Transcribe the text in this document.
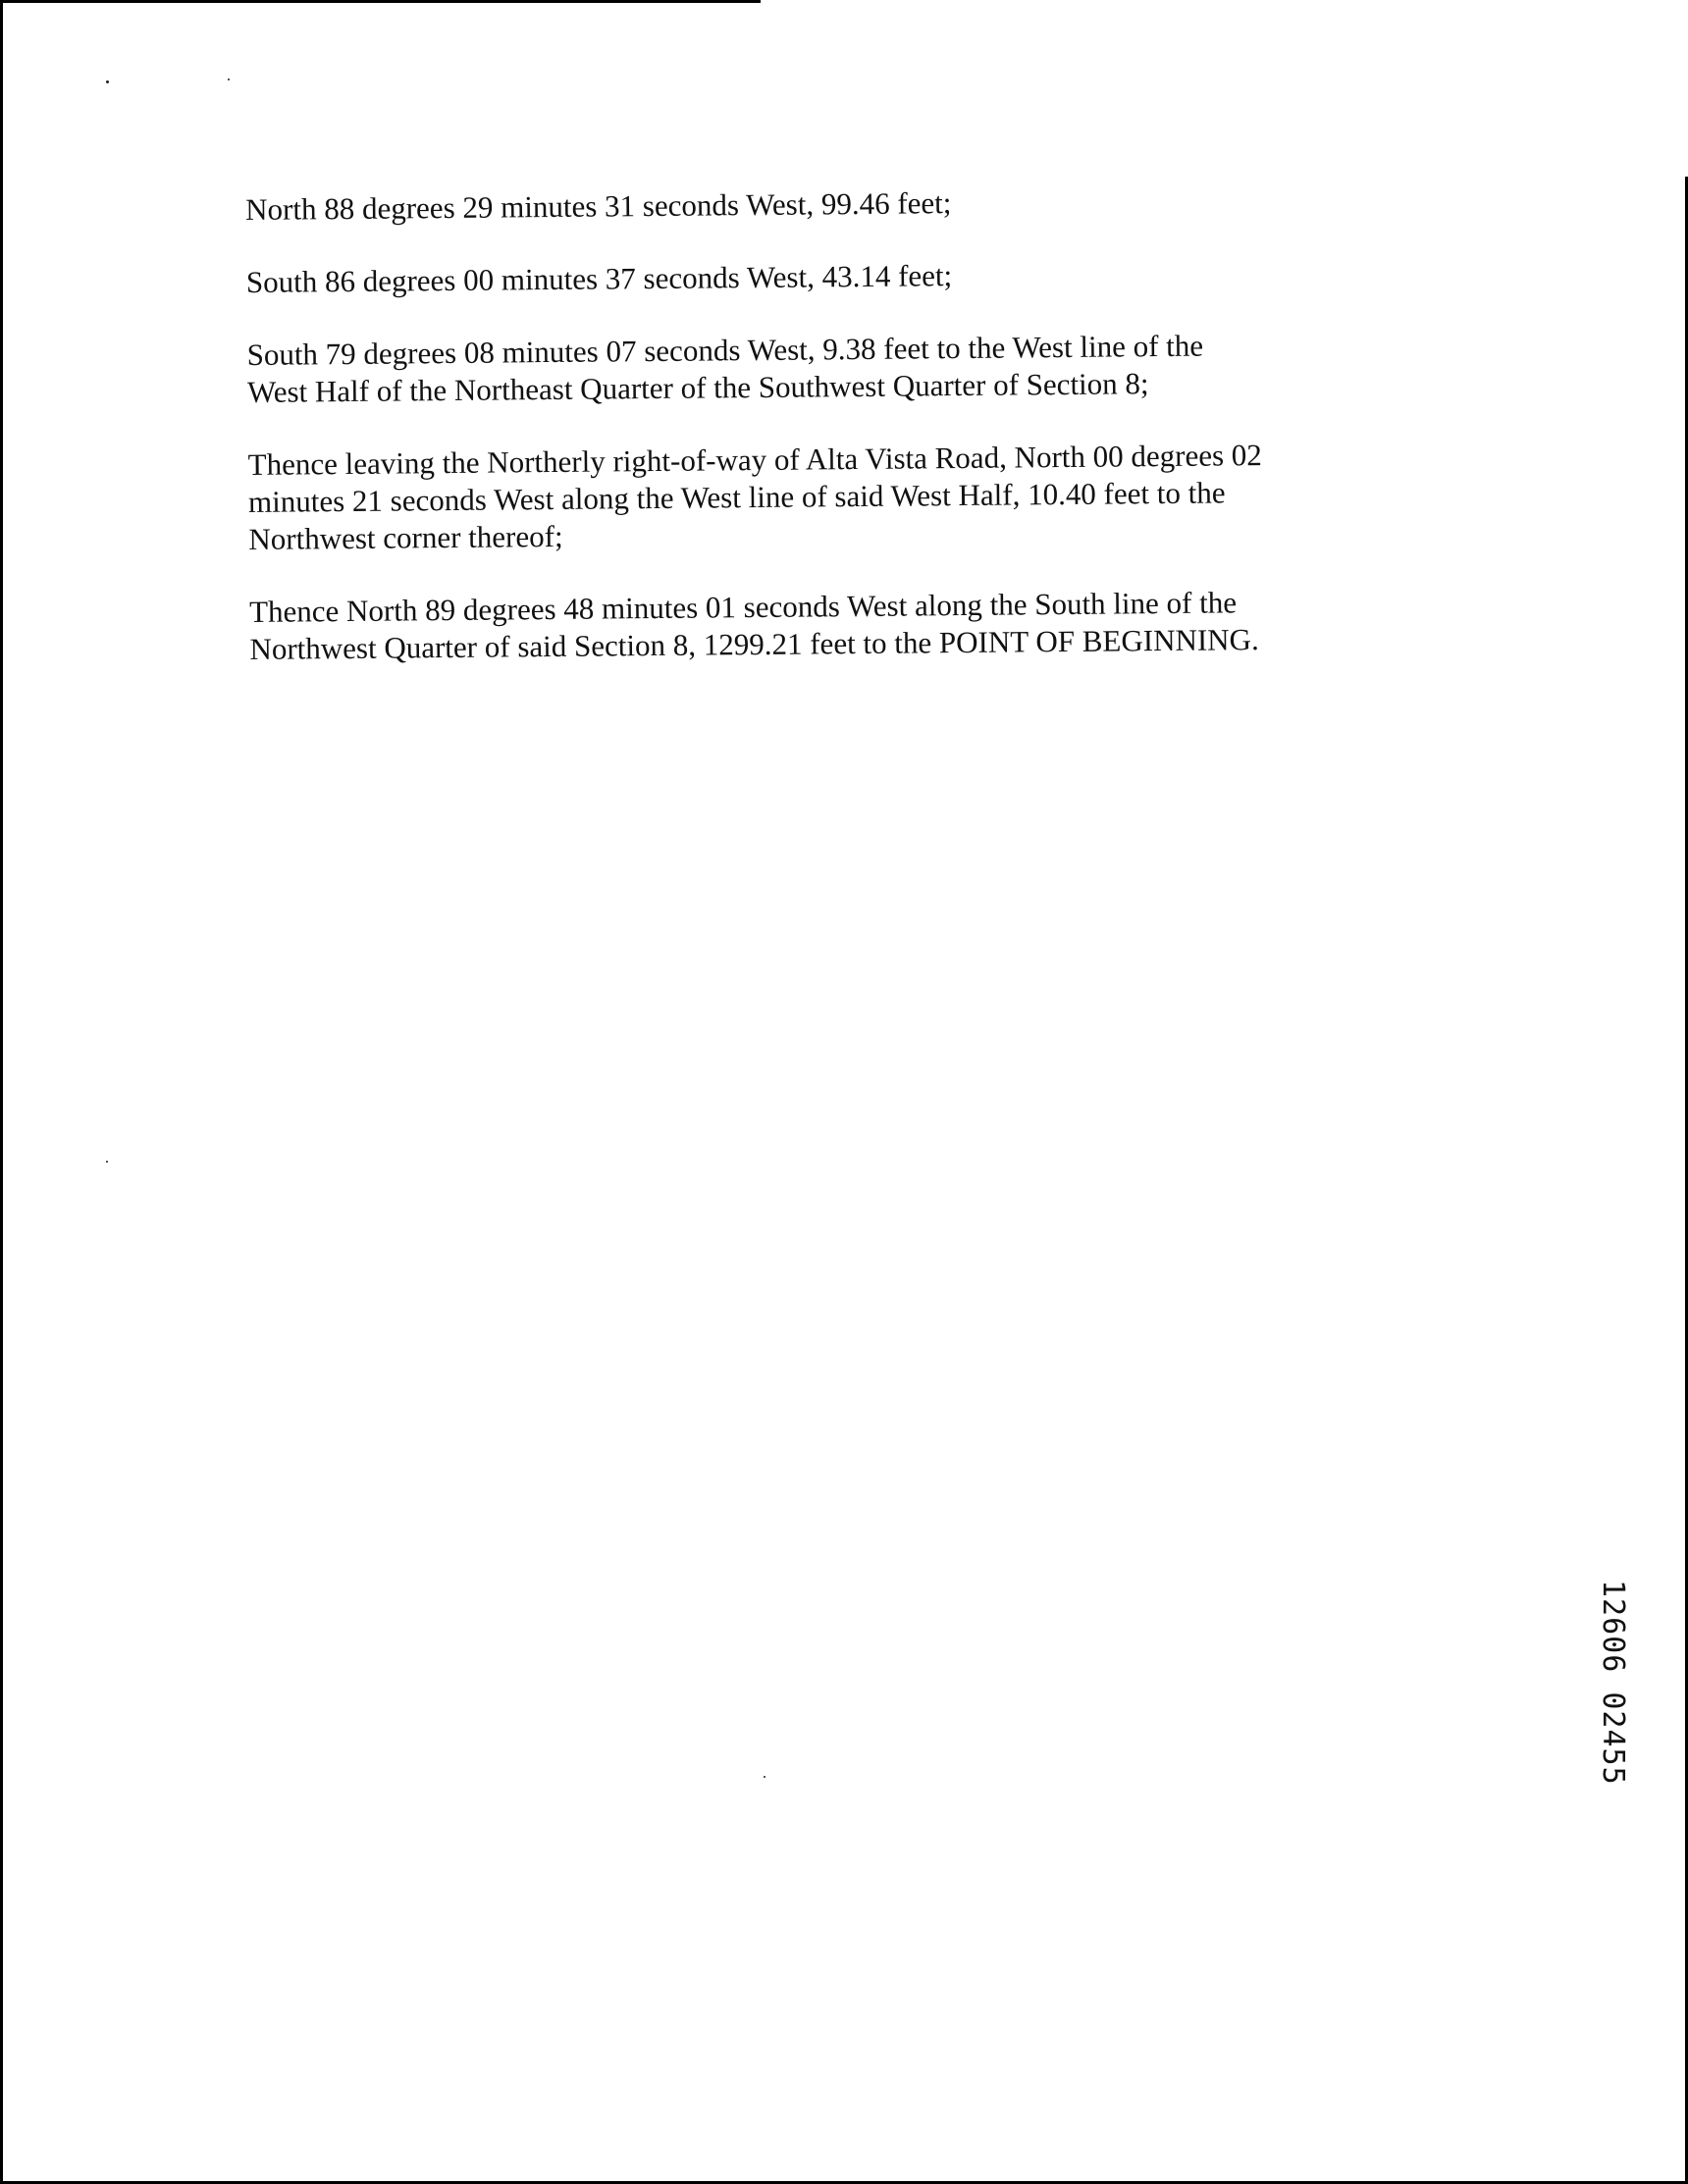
North 88 degrees 29 minutes 31 seconds West, 99.46 feet;

South 86 degrees 00 minutes 37 seconds West, 43.14 feet;

South 79 degrees 08 minutes 07 seconds West, 9.38 feet to the West line of the
West Half of the Northeast Quarter of the Southwest Quarter of Section 8;

Thence leaving the Northerly right-of-way of Alta Vista Road, North 00 degrees 02
minutes 21 seconds West along the West line of said West Half, 10.40 feet to the
Northwest corner thereof;

Thence North 89 degrees 48 minutes 01 seconds West along the South line of the
Northwest Quarter of said Section 8, 1299.21 feet to the POINT OF BEGINNING.

12606 02455
